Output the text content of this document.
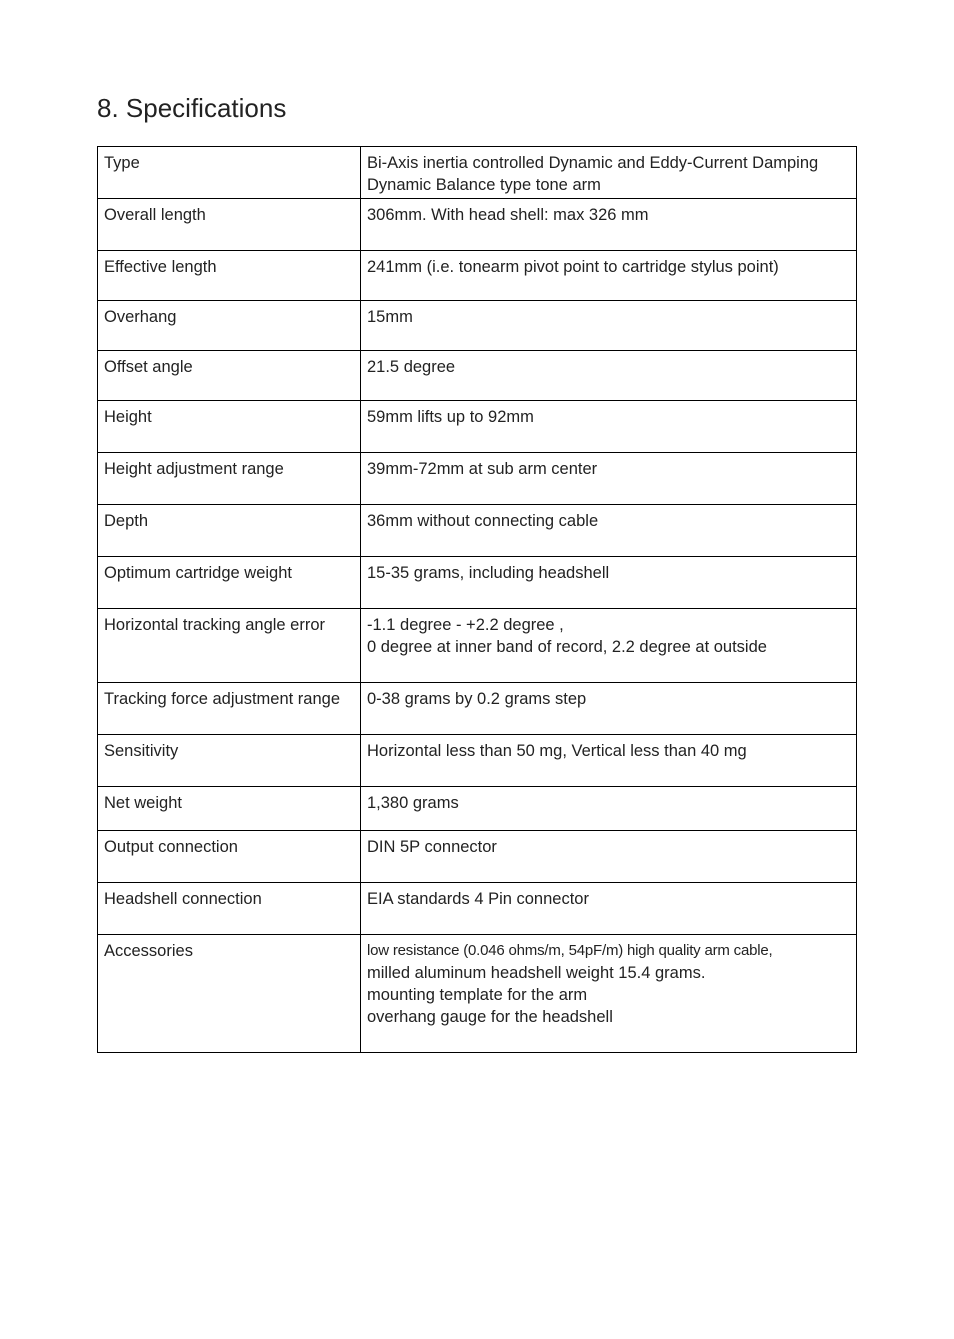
8. Specifications
Type	Bi-Axis inertia controlled Dynamic and Eddy-Current Damping
Dynamic Balance type tone arm

Overall length	306mm. With head shell: max 326 mm

Effective length	241mm (i.e. tonearm pivot point to cartridge stylus point)

Overhang	15mm

Offset angle	21.5 degree

Height	59mm lifts up to 92mm

Height adjustment range	39mm-72mm at sub arm center

Depth	36mm without connecting cable

Optimum cartridge weight	15-35 grams, including headshell

Horizontal tracking angle error	-1.1 degree - +2.2 degree ,
0 degree at inner band of record, 2.2 degree at outside

Tracking force adjustment range	0-38 grams by 0.2 grams step

Sensitivity	Horizontal less than 50 mg, Vertical less than 40 mg

Net weight	1,380 grams

Output connection	DIN 5P connector

Headshell connection	EIA standards 4 Pin connector

Accessories	low resistance (0.046 ohms/m, 54pF/m) high quality arm cable,
milled aluminum headshell weight 15.4 grams.
mounting template for the arm
overhang gauge for the headshell
